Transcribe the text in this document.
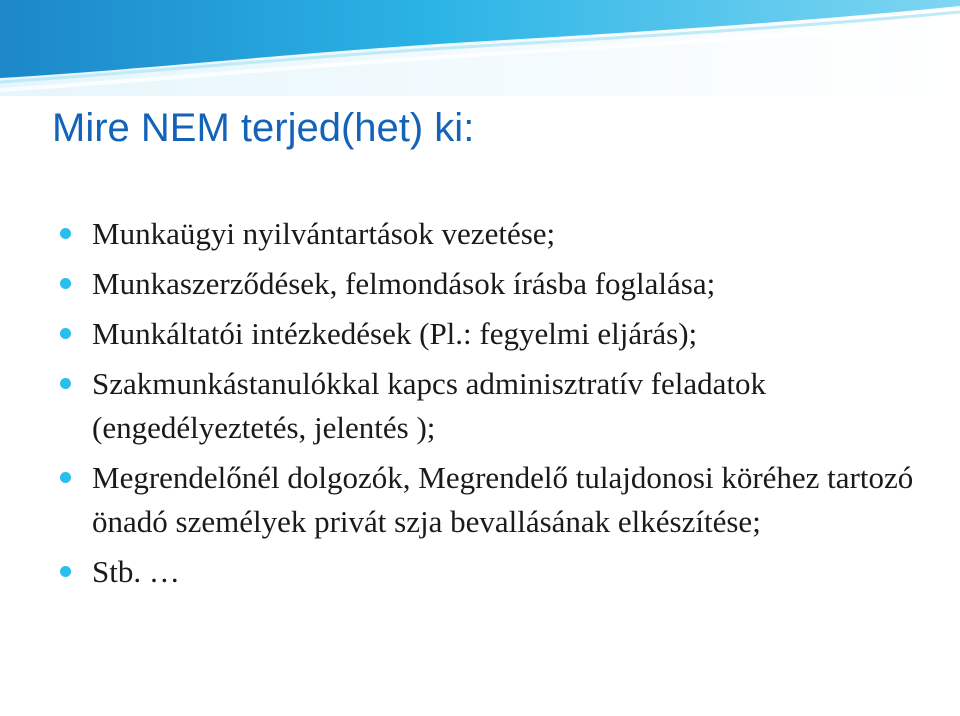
Mire NEM terjed(het) ki:
Munkaügyi nyilvántartások vezetése;
Munkaszerződések, felmondások írásba foglalása;
Munkáltatói intézkedések (Pl.: fegyelmi eljárás);
Szakmunkástanulókkal kapcs adminisztratív feladatok (engedélyeztetés, jelentés );
Megrendelőnél dolgozók, Megrendelő tulajdonosi köréhez tartozó önadó személyek privát szja bevallásának elkészítése;
Stb. …
